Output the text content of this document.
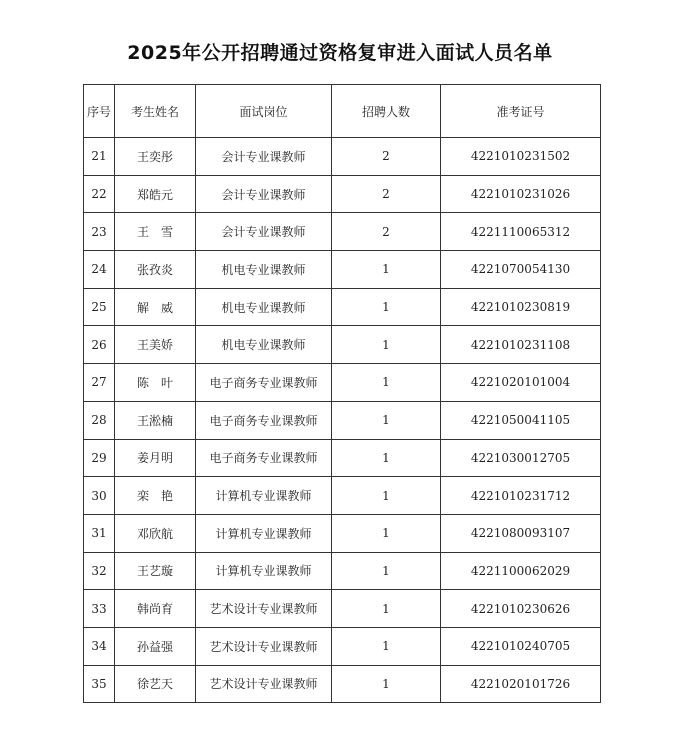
2025年公开招聘通过资格复审进入面试人员名单
序号	考生姓名	面试岗位	招聘人数	准考证号
21	王奕彤	会计专业课教师	2	4221010231502
22	郑皓元	会计专业课教师	2	4221010231026
23	王　雪	会计专业课教师	2	4221110065312
24	张孜炎	机电专业课教师	1	4221070054130
25	解　威	机电专业课教师	1	4221010230819
26	王美娇	机电专业课教师	1	4221010231108
27	陈　叶	电子商务专业课教师	1	4221020101004
28	王淞楠	电子商务专业课教师	1	4221050041105
29	姜月明	电子商务专业课教师	1	4221030012705
30	栾　艳	计算机专业课教师	1	4221010231712
31	邓欣航	计算机专业课教师	1	4221080093107
32	王艺璇	计算机专业课教师	1	4221100062029
33	韩尚育	艺术设计专业课教师	1	4221010230626
34	孙益强	艺术设计专业课教师	1	4221010240705
35	徐艺天	艺术设计专业课教师	1	4221020101726
